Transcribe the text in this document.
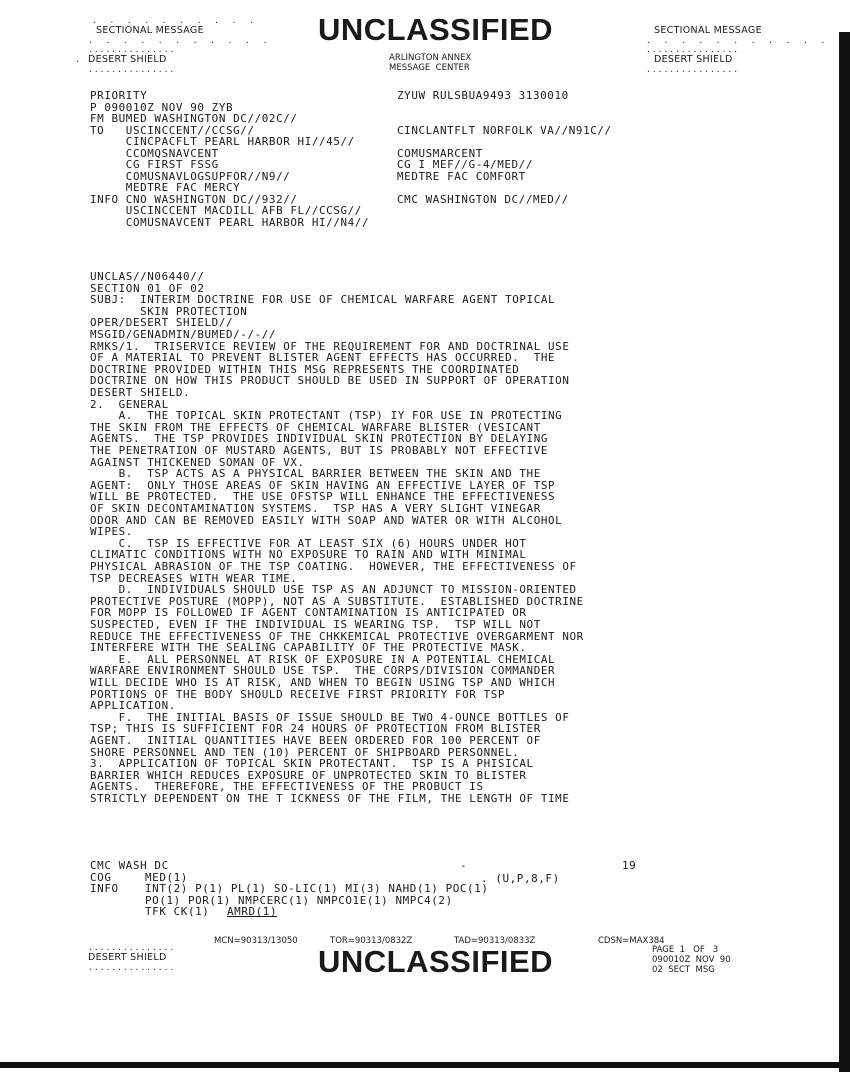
.  .  .  .  .  .  .  .  .  .
SECTIONAL MESSAGE
.  .  .  .  .  .  .  .  .  .  .
...............
. DESERT SHIELD
...............
UNCLASSIFIED
ARLINGTON ANNEX
MESSAGE  CENTER
SECTIONAL MESSAGE
.  .  .  .  .  .  .  .  .  .  .
................
DESERT SHIELD
................
PRIORITY	ZYUW RULSBUA9493 3130010
P 090010Z NOV 90 ZYB
FM BUMED WASHINGTON DC//02C//
TO   USCINCCENT//CCSG//	CINCLANTFLT NORFOLK VA//N91C//
CINCPACFLT PEARL HARBOR HI//45//
CCOMQSNAVCENT	COMUSMARCENT
CG FIRST FSSG	CG I MEF//G-4/MED//
COMUSNAVLOGSUPFOR//N9//	MEDTRE FAC COMFORT
MEDTRE FAC MERCY
INFO CNO WASHINGTON DC//932//	CMC WASHINGTON DC//MED//
USCINCCENT MACDILL AFB FL//CCSG//
COMUSNAVCENT PEARL HARBOR HI//N4//
UNCLAS//N06440//
SECTION 01 OF 02
SUBJ:  INTERIM DOCTRINE FOR USE OF CHEMICAL WARFARE AGENT TOPICAL
SKIN PROTECTION
OPER/DESERT SHIELD//
MSGID/GENADMIN/BUMED/-/-//
RMKS/1.  TRISERVICE REVIEW OF THE REQUIREMENT FOR AND DOCTRINAL USE
OF A MATERIAL TO PREVENT BLISTER AGENT EFFECTS HAS OCCURRED.  THE
DOCTRINE PROVIDED WITHIN THIS MSG REPRESENTS THE COORDINATED
DOCTRINE ON HOW THIS PRODUCT SHOULD BE USED IN SUPPORT OF OPERATION
DESERT SHIELD.
2.  GENERAL
A.  THE TOPICAL SKIN PROTECTANT (TSP) IY FOR USE IN PROTECTING
THE SKIN FROM THE EFFECTS OF CHEMICAL WARFARE BLISTER (VESICANT
AGENTS.  THE TSP PROVIDES INDIVIDUAL SKIN PROTECTION BY DELAYING
THE PENETRATION OF MUSTARD AGENTS, BUT IS PROBABLY NOT EFFECTIVE
AGAINST THICKENED SOMAN OF VX.
B.  TSP ACTS AS A PHYSICAL BARRIER BETWEEN THE SKIN AND THE
AGENT:  ONLY THOSE AREAS OF SKIN HAVING AN EFFECTIVE LAYER OF TSP
WILL BE PROTECTED.  THE USE OFSTSP WILL ENHANCE THE EFFECTIVENESS
OF SKIN DECONTAMINATION SYSTEMS.  TSP HAS A VERY SLIGHT VINEGAR
ODOR AND CAN BE REMOVED EASILY WITH SOAP AND WATER OR WITH ALCOHOL
WIPES.
C.  TSP IS EFFECTIVE FOR AT LEAST SIX (6) HOURS UNDER HOT
CLIMATIC CONDITIONS WITH NO EXPOSURE TO RAIN AND WITH MINIMAL
PHYSICAL ABRASION OF THE TSP COATING.  HOWEVER, THE EFFECTIVENESS OF
TSP DECREASES WITH WEAR TIME.
D.  INDIVIDUALS SHOULD USE TSP AS AN ADJUNCT TO MISSION-ORIENTED
PROTECTIVE POSTURE (MOPP), NOT AS A SUBSTITUTE.  ESTABLISHED DOCTRINE
FOR MOPP IS FOLLOWED IF AGENT CONTAMINATION IS ANTICIPATED OR
SUSPECTED, EVEN IF THE INDIVIDUAL IS WEARING TSP.  TSP WILL NOT
REDUCE THE EFFECTIVENESS OF THE CHKKEMICAL PROTECTIVE OVERGARMENT NOR
INTERFERE WITH THE SEALING CAPABILITY OF THE PROTECTIVE MASK.
E.  ALL PERSONNEL AT RISK OF EXPOSURE IN A POTENTIAL CHEMICAL
WARFARE ENVIRONMENT SHOULD USE TSP.  THE CORPS/DIVISION COMMANDER
WILL DECIDE WHO IS AT RISK, AND WHEN TO BEGIN USING TSP AND WHICH
PORTIONS OF THE BODY SHOULD RECEIVE FIRST PRIORITY FOR TSP
APPLICATION.
F.  THE INITIAL BASIS OF ISSUE SHOULD BE TWO 4-OUNCE BOTTLES OF
TSP; THIS IS SUFFICIENT FOR 24 HOURS OF PROTECTION FROM BLISTER
AGENT.  INITIAL QUANTITIES HAVE BEEN ORDERED FOR 100 PERCENT OF
SHORE PERSONNEL AND TEN (10) PERCENT OF SHIPBOARD PERSONNEL.
3.  APPLICATION OF TOPICAL SKIN PROTECTANT.  TSP IS A PHISICAL
BARRIER WHICH REDUCES EXPOSURE OF UNPROTECTED SKIN TO BLISTER
AGENTS.  THEREFORE, THE EFFECTIVENESS OF THE PROBUCT IS
STRICTLY DEPENDENT ON THE T ICKNESS OF THE FILM, THE LENGTH OF TIME
CMC WASH DC	-	19
COG	MED(1)	. (U,P,8,F)
INFO INT(2) P(1) PL(1) SO-LIC(1) MI(3) NAHD(1) POC(1)
PO(1) POR(1) NMPCERC(1) NMPCO1E(1) NMPC4(2)
TFK CK(1) AMRD(1)
MCN=90313/13050	TOR=90313/0832Z	TAD=90313/0833Z	CDSN=MAX384
...............
DESERT SHIELD
...............	UNCLASSIFIED	PAGE  1   OF   3
090010Z  NOV  90
02  SECT  MSG
